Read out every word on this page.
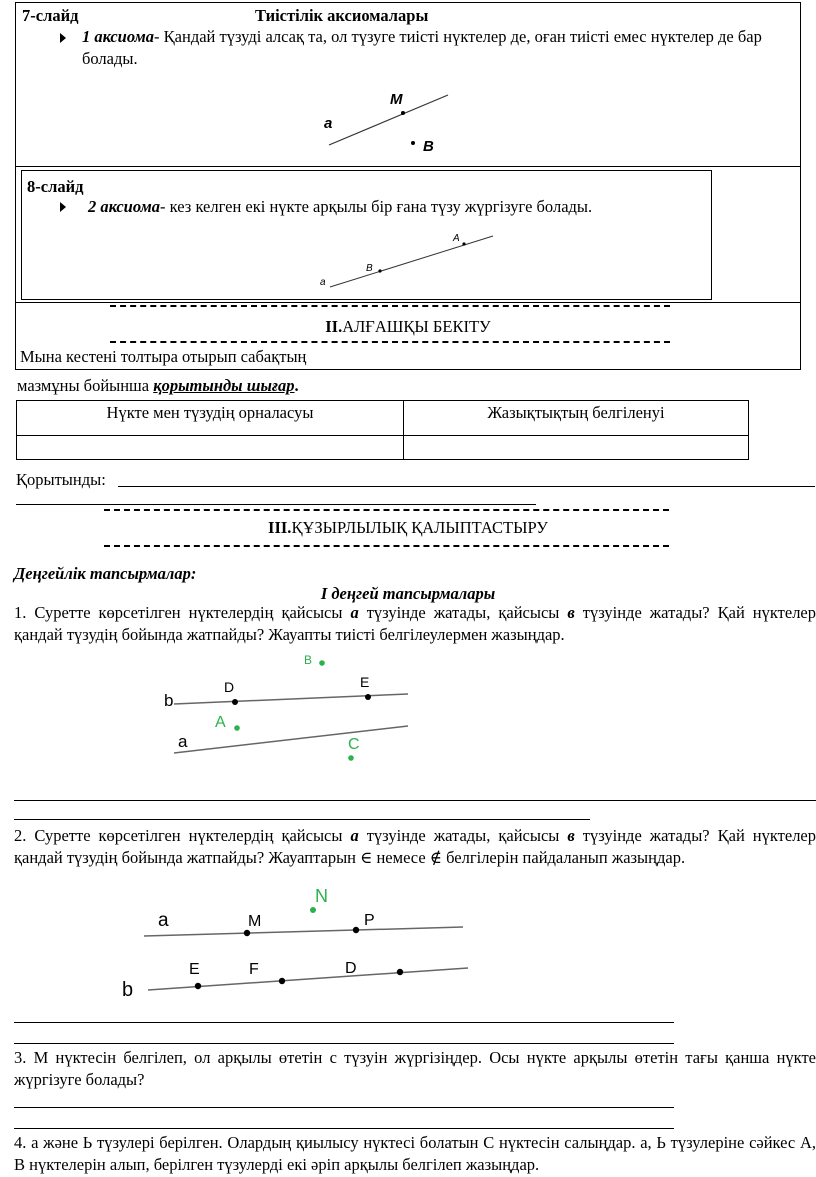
7-слайд	Тиістілік аксиомалары
1 аксиома- Қандай түзуді алсақ та, ол түзуге тиісті нүктелер де, оған тиісті емес нүктелер де бар болады.
a
M
B
8-слайд
2 аксиома- кез келген екі нүкте арқылы бір ғана түзу жүргізуге болады.
a
B
A
II.АЛҒАШҚЫ БЕКІТУ
Мына кестені толтыра отырып сабақтың
мазмұны бойынша қорытынды шығар.
Нүкте мен түзудің орналасуы	Жазықтықтың белгіленуі

Қорытынды:
III.ҚҰЗЫРЛЫЛЫҚ ҚАЛЫПТАСТЫРУ
Деңгейлік тапсырмалар:
І деңгей тапсырмалары
1. Суретте көрсетілген нүктелердің қайсысы а түзуінде жатады, қайсысы в түзуінде жатады? Қай нүктелер қандай түзудің бойында жатпайды? Жауапты тиісті белгілеулермен жазыңдар.
b
a
D	E
B
A
C
2. Суретте көрсетілген нүктелердің қайсысы а түзуінде жатады, қайсысы в түзуінде жатады? Қай нүктелер қандай түзудің бойында жатпайды? Жауаптарын ∈ немесе ∉ белгілерін пайдаланып жазыңдар.
a	M	P
N
b
E	F	D
3. М нүктесін белгілеп, ол арқылы өтетін с түзуін жүргізіңдер. Осы нүкте арқылы өтетін тағы қанша нүкте жүргізуге болады?
4. а және Ь түзулері берілген. Олардың қиылысу нүктесі болатын С нүктесін салыңдар. а, Ь түзулеріне сәйкес А, В нүктелерін алып, берілген түзулерді екі әріп арқылы белгілеп жазыңдар.
